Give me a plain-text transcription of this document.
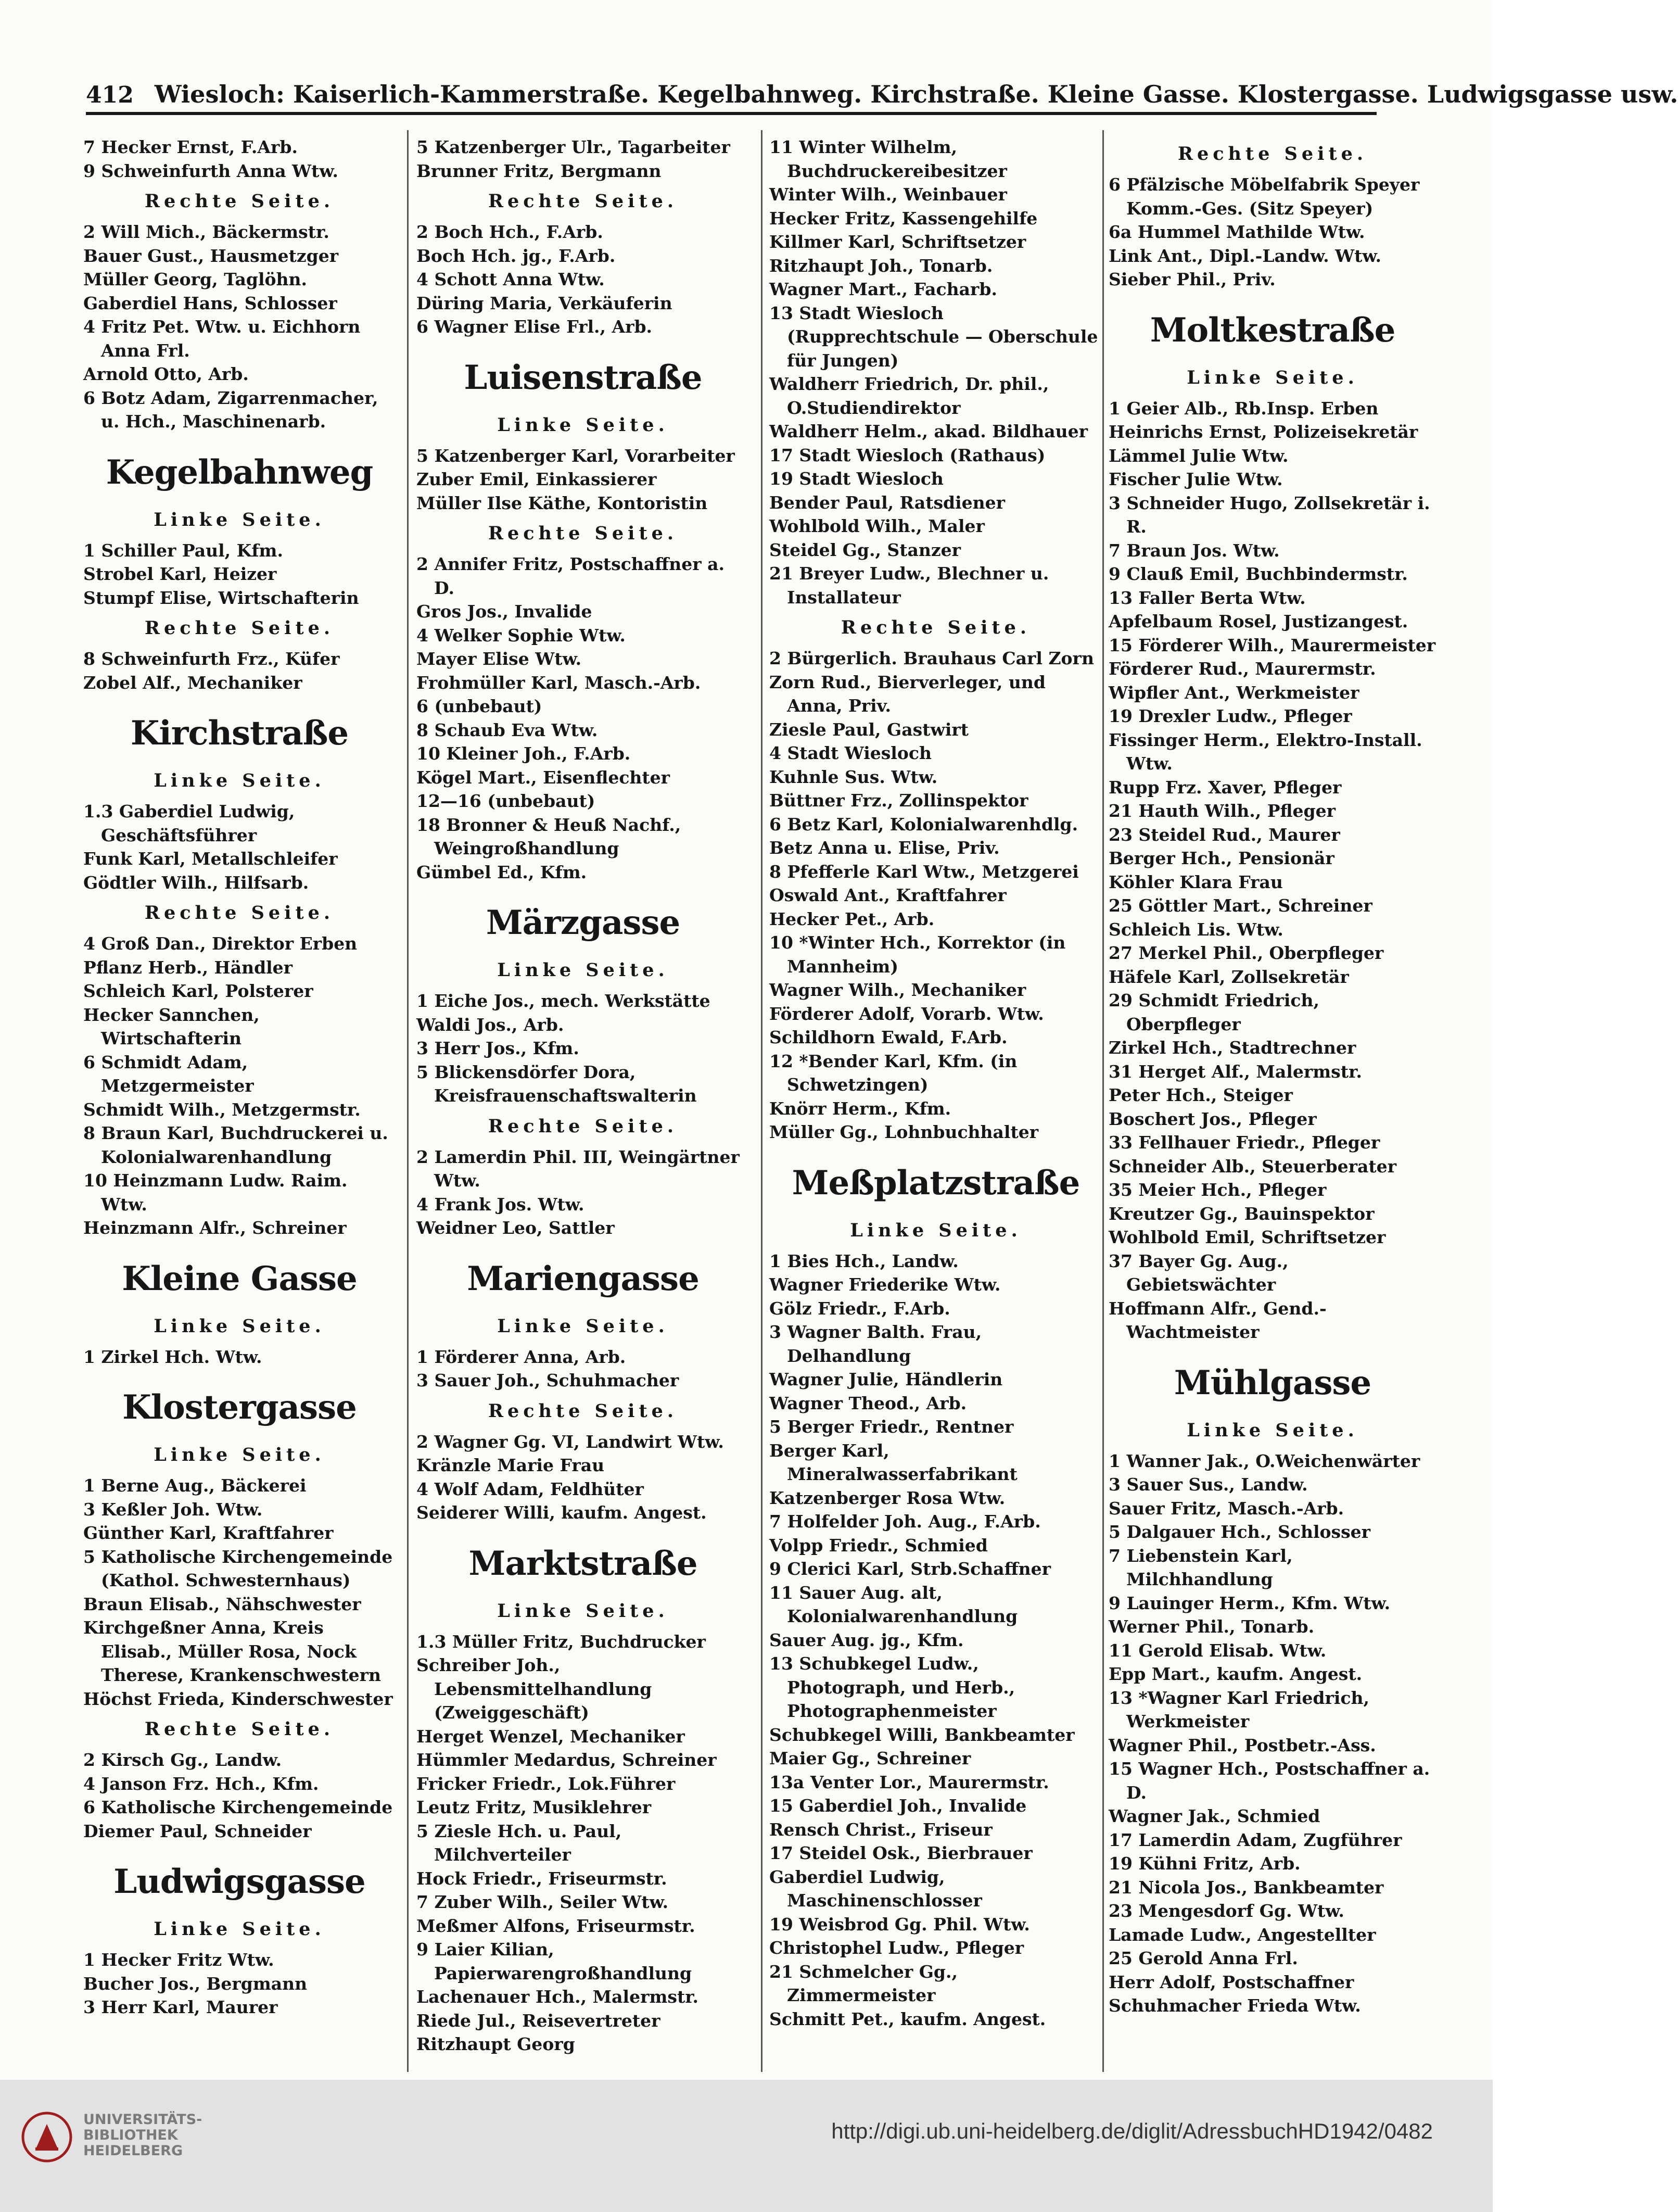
412 Wiesloch: Kaiserlich-Kammerstraße. Kegelbahnweg. Kirchstraße. Kleine Gasse. Klostergasse. Ludwigsgasse usw.
7 Hecker Ernst, F.Arb.
9 Schweinfurth Anna Wtw.
Rechte Seite.
2 Will Mich., Bäckermstr.
Bauer Gust., Hausmetzger
Müller Georg, Taglöhn.
Gaberdiel Hans, Schlosser
4 Fritz Pet. Wtw. u. Eichhorn Anna Frl.
Arnold Otto, Arb.
6 Botz Adam, Zigarrenmacher, u. Hch., Maschinenarb.
Kegelbahnweg
Linke Seite.
1 Schiller Paul, Kfm.
Strobel Karl, Heizer
Stumpf Elise, Wirtschafterin
Rechte Seite.
8 Schweinfurth Frz., Küfer
Zobel Alf., Mechaniker
Kirchstraße
Linke Seite.
1.3 Gaberdiel Ludwig, Geschäftsführer
Funk Karl, Metallschleifer
Gödtler Wilh., Hilfsarb.
Rechte Seite.
4 Groß Dan., Direktor Erben
Pflanz Herb., Händler
Schleich Karl, Polsterer
Hecker Sannchen, Wirtschafterin
6 Schmidt Adam, Metzgermeister
Schmidt Wilh., Metzgermstr.
8 Braun Karl, Buchdruckerei u. Kolonialwarenhandlung
10 Heinzmann Ludw. Raim. Wtw.
Heinzmann Alfr., Schreiner
Kleine Gasse
Linke Seite.
1 Zirkel Hch. Wtw.
Klostergasse
Linke Seite.
1 Berne Aug., Bäckerei
3 Keßler Joh. Wtw.
Günther Karl, Kraftfahrer
5 Katholische Kirchengemeinde (Kathol. Schwesternhaus)
Braun Elisab., Nähschwester
Kirchgeßner Anna, Kreis Elisab., Müller Rosa, Nock Therese, Krankenschwestern
Höchst Frieda, Kinderschwester
Rechte Seite.
2 Kirsch Gg., Landw.
4 Janson Frz. Hch., Kfm.
6 Katholische Kirchengemeinde
Diemer Paul, Schneider
Ludwigsgasse
Linke Seite.
1 Hecker Fritz Wtw.
Bucher Jos., Bergmann
3 Herr Karl, Maurer
5 Katzenberger Ulr., Tagarbeiter
Brunner Fritz, Bergmann
Rechte Seite.
2 Boch Hch., F.Arb.
Boch Hch. jg., F.Arb.
4 Schott Anna Wtw.
Düring Maria, Verkäuferin
6 Wagner Elise Frl., Arb.
Luisenstraße
Linke Seite.
5 Katzenberger Karl, Vorarbeiter
Zuber Emil, Einkassierer
Müller Ilse Käthe, Kontoristin
Rechte Seite.
2 Annifer Fritz, Postschaffner a. D.
Gros Jos., Invalide
4 Welker Sophie Wtw.
Mayer Elise Wtw.
Frohmüller Karl, Masch.-Arb.
6 (unbebaut)
8 Schaub Eva Wtw.
10 Kleiner Joh., F.Arb.
Kögel Mart., Eisenflechter
12—16 (unbebaut)
18 Bronner & Heuß Nachf., Weingroßhandlung
Gümbel Ed., Kfm.
Märzgasse
Linke Seite.
1 Eiche Jos., mech. Werkstätte
Waldi Jos., Arb.
3 Herr Jos., Kfm.
5 Blickensdörfer Dora, Kreisfrauenschaftswalterin
Rechte Seite.
2 Lamerdin Phil. III, Weingärtner Wtw.
4 Frank Jos. Wtw.
Weidner Leo, Sattler
Mariengasse
Linke Seite.
1 Förderer Anna, Arb.
3 Sauer Joh., Schuhmacher
Rechte Seite.
2 Wagner Gg. VI, Landwirt Wtw.
Kränzle Marie Frau
4 Wolf Adam, Feldhüter
Seiderer Willi, kaufm. Angest.
Marktstraße
Linke Seite.
1.3 Müller Fritz, Buchdrucker
Schreiber Joh., Lebensmittelhandlung (Zweiggeschäft)
Herget Wenzel, Mechaniker
Hümmler Medardus, Schreiner
Fricker Friedr., Lok.Führer
Leutz Fritz, Musiklehrer
5 Ziesle Hch. u. Paul, Milchverteiler
Hock Friedr., Friseurmstr.
7 Zuber Wilh., Seiler Wtw.
Meßmer Alfons, Friseurmstr.
9 Laier Kilian, Papierwarengroßhandlung
Lachenauer Hch., Malermstr.
Riede Jul., Reisevertreter
Ritzhaupt Georg
11 Winter Wilhelm, Buchdruckereibesitzer
Winter Wilh., Weinbauer
Hecker Fritz, Kassengehilfe
Killmer Karl, Schriftsetzer
Ritzhaupt Joh., Tonarb.
Wagner Mart., Facharb.
13 Stadt Wiesloch (Rupprechtschule — Oberschule für Jungen)
Waldherr Friedrich, Dr. phil., O.Studiendirektor
Waldherr Helm., akad. Bildhauer
17 Stadt Wiesloch (Rathaus)
19 Stadt Wiesloch
Bender Paul, Ratsdiener
Wohlbold Wilh., Maler
Steidel Gg., Stanzer
21 Breyer Ludw., Blechner u. Installateur
Rechte Seite.
2 Bürgerlich. Brauhaus Carl Zorn
Zorn Rud., Bierverleger, und Anna, Priv.
Ziesle Paul, Gastwirt
4 Stadt Wiesloch
Kuhnle Sus. Wtw.
Büttner Frz., Zollinspektor
6 Betz Karl, Kolonialwarenhdlg.
Betz Anna u. Elise, Priv.
8 Pfefferle Karl Wtw., Metzgerei
Oswald Ant., Kraftfahrer
Hecker Pet., Arb.
10 *Winter Hch., Korrektor (in Mannheim)
Wagner Wilh., Mechaniker
Förderer Adolf, Vorarb. Wtw.
Schildhorn Ewald, F.Arb.
12 *Bender Karl, Kfm. (in Schwetzingen)
Knörr Herm., Kfm.
Müller Gg., Lohnbuchhalter
Meßplatzstraße
Linke Seite.
1 Bies Hch., Landw.
Wagner Friederike Wtw.
Gölz Friedr., F.Arb.
3 Wagner Balth. Frau, Delhandlung
Wagner Julie, Händlerin
Wagner Theod., Arb.
5 Berger Friedr., Rentner
Berger Karl, Mineralwasserfabrikant
Katzenberger Rosa Wtw.
7 Holfelder Joh. Aug., F.Arb.
Volpp Friedr., Schmied
9 Clerici Karl, Strb.Schaffner
11 Sauer Aug. alt, Kolonialwarenhandlung
Sauer Aug. jg., Kfm.
13 Schubkegel Ludw., Photograph, und Herb., Photographenmeister
Schubkegel Willi, Bankbeamter
Maier Gg., Schreiner
13a Venter Lor., Maurermstr.
15 Gaberdiel Joh., Invalide
Rensch Christ., Friseur
17 Steidel Osk., Bierbrauer
Gaberdiel Ludwig, Maschinenschlosser
19 Weisbrod Gg. Phil. Wtw.
Christophel Ludw., Pfleger
21 Schmelcher Gg., Zimmermeister
Schmitt Pet., kaufm. Angest.
Rechte Seite.
6 Pfälzische Möbelfabrik Speyer Komm.-Ges. (Sitz Speyer)
6a Hummel Mathilde Wtw.
Link Ant., Dipl.-Landw. Wtw.
Sieber Phil., Priv.
Moltkestraße
Linke Seite.
1 Geier Alb., Rb.Insp. Erben
Heinrichs Ernst, Polizeisekretär
Lämmel Julie Wtw.
Fischer Julie Wtw.
3 Schneider Hugo, Zollsekretär i. R.
7 Braun Jos. Wtw.
9 Clauß Emil, Buchbindermstr.
13 Faller Berta Wtw.
Apfelbaum Rosel, Justizangest.
15 Förderer Wilh., Maurermeister
Förderer Rud., Maurermstr.
Wipfler Ant., Werkmeister
19 Drexler Ludw., Pfleger
Fissinger Herm., Elektro-Install. Wtw.
Rupp Frz. Xaver, Pfleger
21 Hauth Wilh., Pfleger
23 Steidel Rud., Maurer
Berger Hch., Pensionär
Köhler Klara Frau
25 Göttler Mart., Schreiner
Schleich Lis. Wtw.
27 Merkel Phil., Oberpfleger
Häfele Karl, Zollsekretär
29 Schmidt Friedrich, Oberpfleger
Zirkel Hch., Stadtrechner
31 Herget Alf., Malermstr.
Peter Hch., Steiger
Boschert Jos., Pfleger
33 Fellhauer Friedr., Pfleger
Schneider Alb., Steuerberater
35 Meier Hch., Pfleger
Kreutzer Gg., Bauinspektor
Wohlbold Emil, Schriftsetzer
37 Bayer Gg. Aug., Gebietswächter
Hoffmann Alfr., Gend.-Wachtmeister
Mühlgasse
Linke Seite.
1 Wanner Jak., O.Weichenwärter
3 Sauer Sus., Landw.
Sauer Fritz, Masch.-Arb.
5 Dalgauer Hch., Schlosser
7 Liebenstein Karl, Milchhandlung
9 Lauinger Herm., Kfm. Wtw.
Werner Phil., Tonarb.
11 Gerold Elisab. Wtw.
Epp Mart., kaufm. Angest.
13 *Wagner Karl Friedrich, Werkmeister
Wagner Phil., Postbetr.-Ass.
15 Wagner Hch., Postschaffner a. D.
Wagner Jak., Schmied
17 Lamerdin Adam, Zugführer
19 Kühni Fritz, Arb.
21 Nicola Jos., Bankbeamter
23 Mengesdorf Gg. Wtw.
Lamade Ludw., Angestellter
25 Gerold Anna Frl.
Herr Adolf, Postschaffner
Schuhmacher Frieda Wtw.
UNIVERSITÄTS-
BIBLIOTHEK
HEIDELBERG
http://digi.ub.uni-heidelberg.de/diglit/AdressbuchHD1942/0482
